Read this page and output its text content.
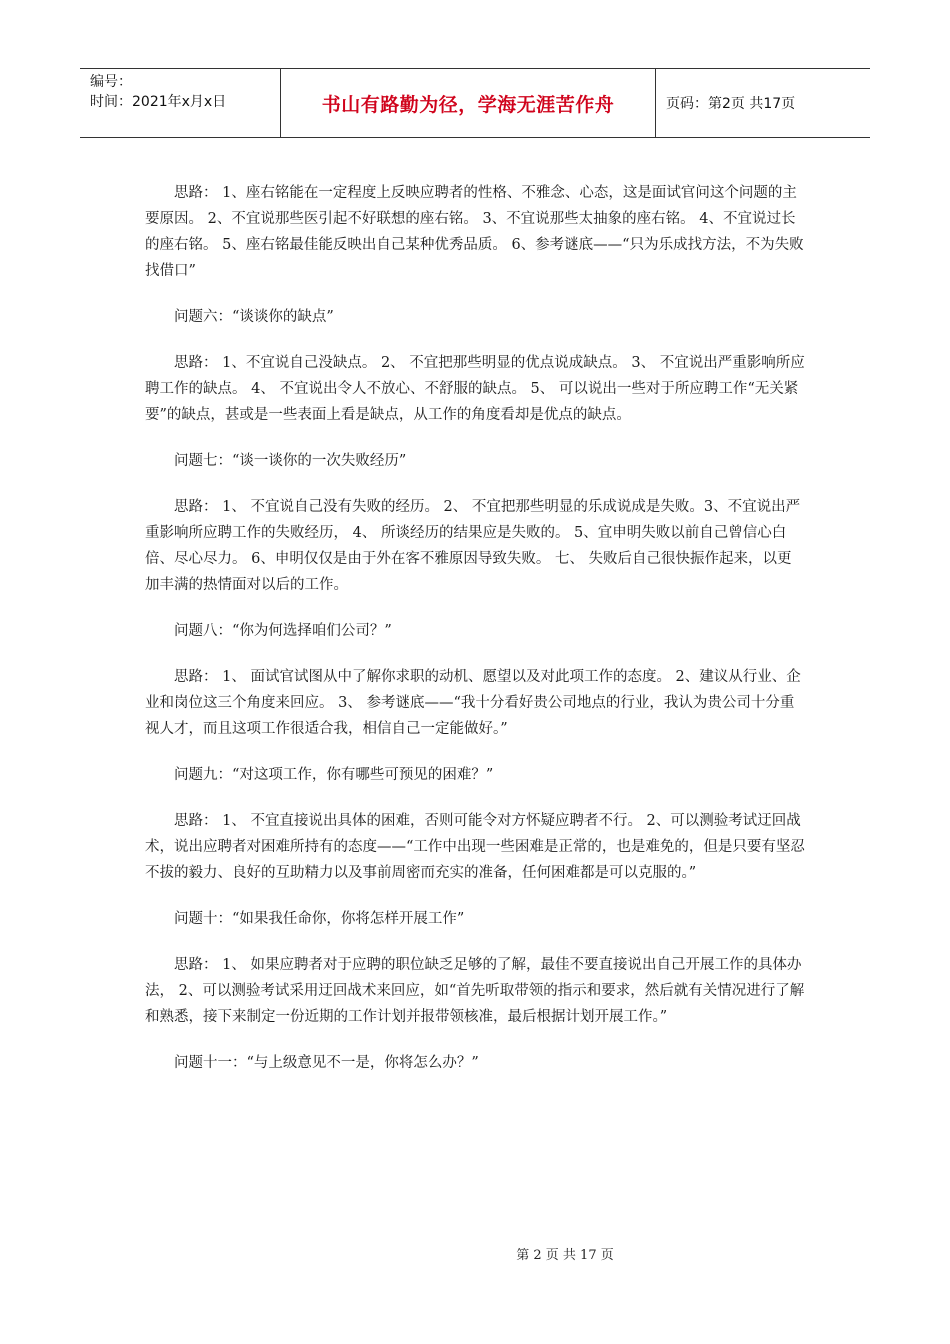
编号：
时间：2021年x月x日	书山有路勤为径，学海无涯苦作舟	页码：第2页 共17页

思路： 1、座右铭能在一定程度上反映应聘者的性格、不雅念、心态，这是面试官问这个问题的主要原因。 2、不宜说那些医引起不好联想的座右铭。 3、不宜说那些太抽象的座右铭。 4、不宜说过长的座右铭。 5、座右铭最佳能反映出自己某种优秀品质。 6、参考谜底——“只为乐成找方法，不为失败找借口”

问题六：“谈谈你的缺点”

思路： 1、不宜说自己没缺点。 2、 不宜把那些明显的优点说成缺点。 3、 不宜说出严重影响所应聘工作的缺点。 4、 不宜说出令人不放心、不舒服的缺点。 5、 可以说出一些对于所应聘工作“无关紧要”的缺点，甚或是一些表面上看是缺点，从工作的角度看却是优点的缺点。

问题七：“谈一谈你的一次失败经历”

思路： 1、 不宜说自己没有失败的经历。 2、 不宜把那些明显的乐成说成是失败。3、不宜说出严重影响所应聘工作的失败经历， 4、 所谈经历的结果应是失败的。 5、宜申明失败以前自己曾信心白倍、尽心尽力。 6、申明仅仅是由于外在客不雅原因导致失败。 七、 失败后自己很快振作起来，以更加丰满的热情面对以后的工作。

问题八：“你为何选择咱们公司？”

思路： 1、 面试官试图从中了解你求职的动机、愿望以及对此项工作的态度。 2、建议从行业、企业和岗位这三个角度来回应。 3、 参考谜底——“我十分看好贵公司地点的行业，我认为贵公司十分重视人才，而且这项工作很适合我，相信自己一定能做好。”

问题九：“对这项工作，你有哪些可预见的困难？”

思路： 1、 不宜直接说出具体的困难，否则可能令对方怀疑应聘者不行。 2、可以测验考试迂回战术，说出应聘者对困难所持有的态度——“工作中出现一些困难是正常的，也是难免的，但是只要有坚忍不拔的毅力、良好的互助精力以及事前周密而充实的准备，任何困难都是可以克服的。”

问题十：“如果我任命你，你将怎样开展工作”

思路： 1、 如果应聘者对于应聘的职位缺乏足够的了解，最佳不要直接说出自己开展工作的具体办法， 2、可以测验考试采用迂回战术来回应，如“首先听取带领的指示和要求，然后就有关情况进行了解和熟悉，接下来制定一份近期的工作计划并报带领核准，最后根据计划开展工作。”

问题十一：“与上级意见不一是，你将怎么办？”

第 2 页 共 17 页
